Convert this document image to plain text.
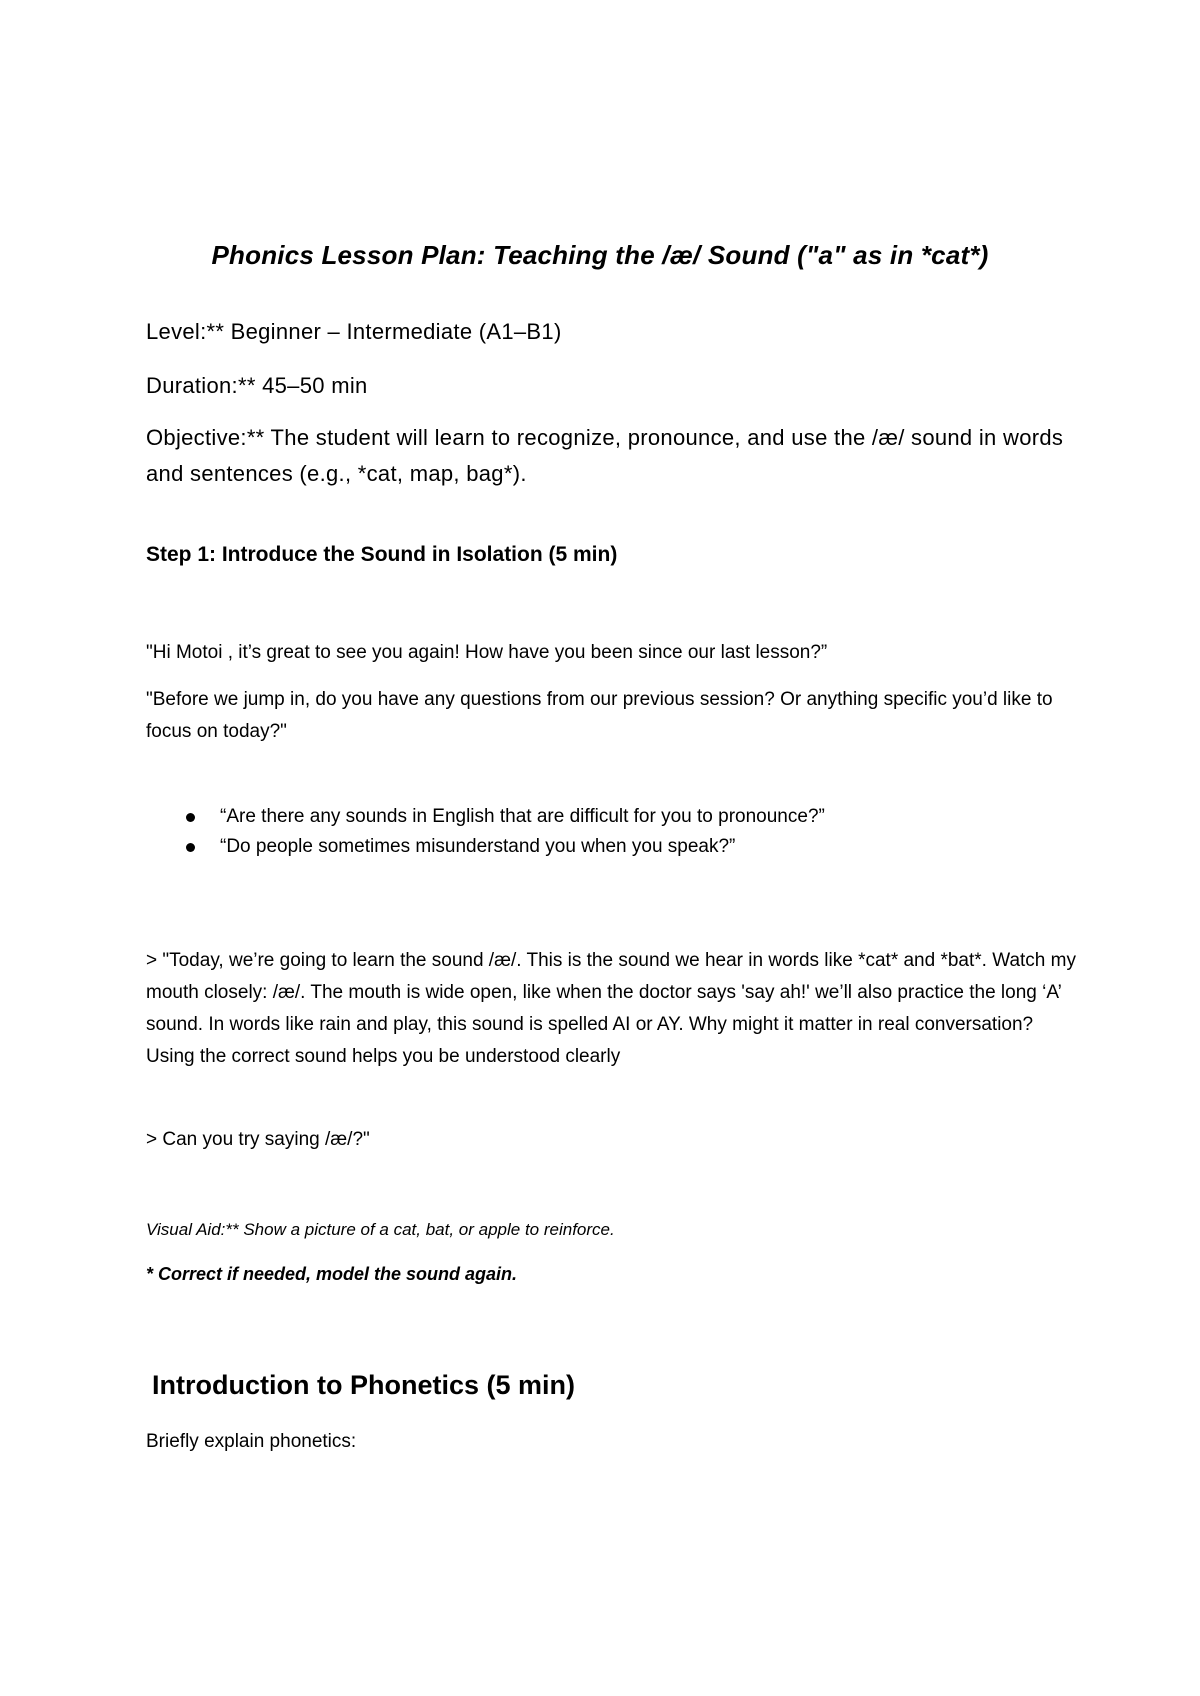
Phonics Lesson Plan: Teaching the /æ/ Sound ("a" as in *cat*)

Level:** Beginner – Intermediate (A1–B1)

Duration:** 45–50 min

Objective:** The student will learn to recognize, pronounce, and use the /æ/ sound in words and sentences (e.g., *cat, map, bag*).

Step 1: Introduce the Sound in Isolation (5 min)

"Hi Motoi , it’s great to see you again! How have you been since our last lesson?”

"Before we jump in, do you have any questions from our previous session? Or anything specific you’d like to focus on today?"

“Are there any sounds in English that are difficult for you to pronounce?”
“Do people sometimes misunderstand you when you speak?”

> "Today, we’re going to learn the sound /æ/. This is the sound we hear in words like *cat* and *bat*. Watch my mouth closely: /æ/. The mouth is wide open, like when the doctor says 'say ah!' we’ll also practice the long ‘A’ sound. In words like rain and play, this sound is spelled AI or AY. Why might it matter in real conversation? Using the correct sound helps you be understood clearly

> Can you try saying /æ/?"

Visual Aid:** Show a picture of a cat, bat, or apple to reinforce.

* Correct if needed, model the sound again.

Introduction to Phonetics (5 min)

Briefly explain phonetics:
